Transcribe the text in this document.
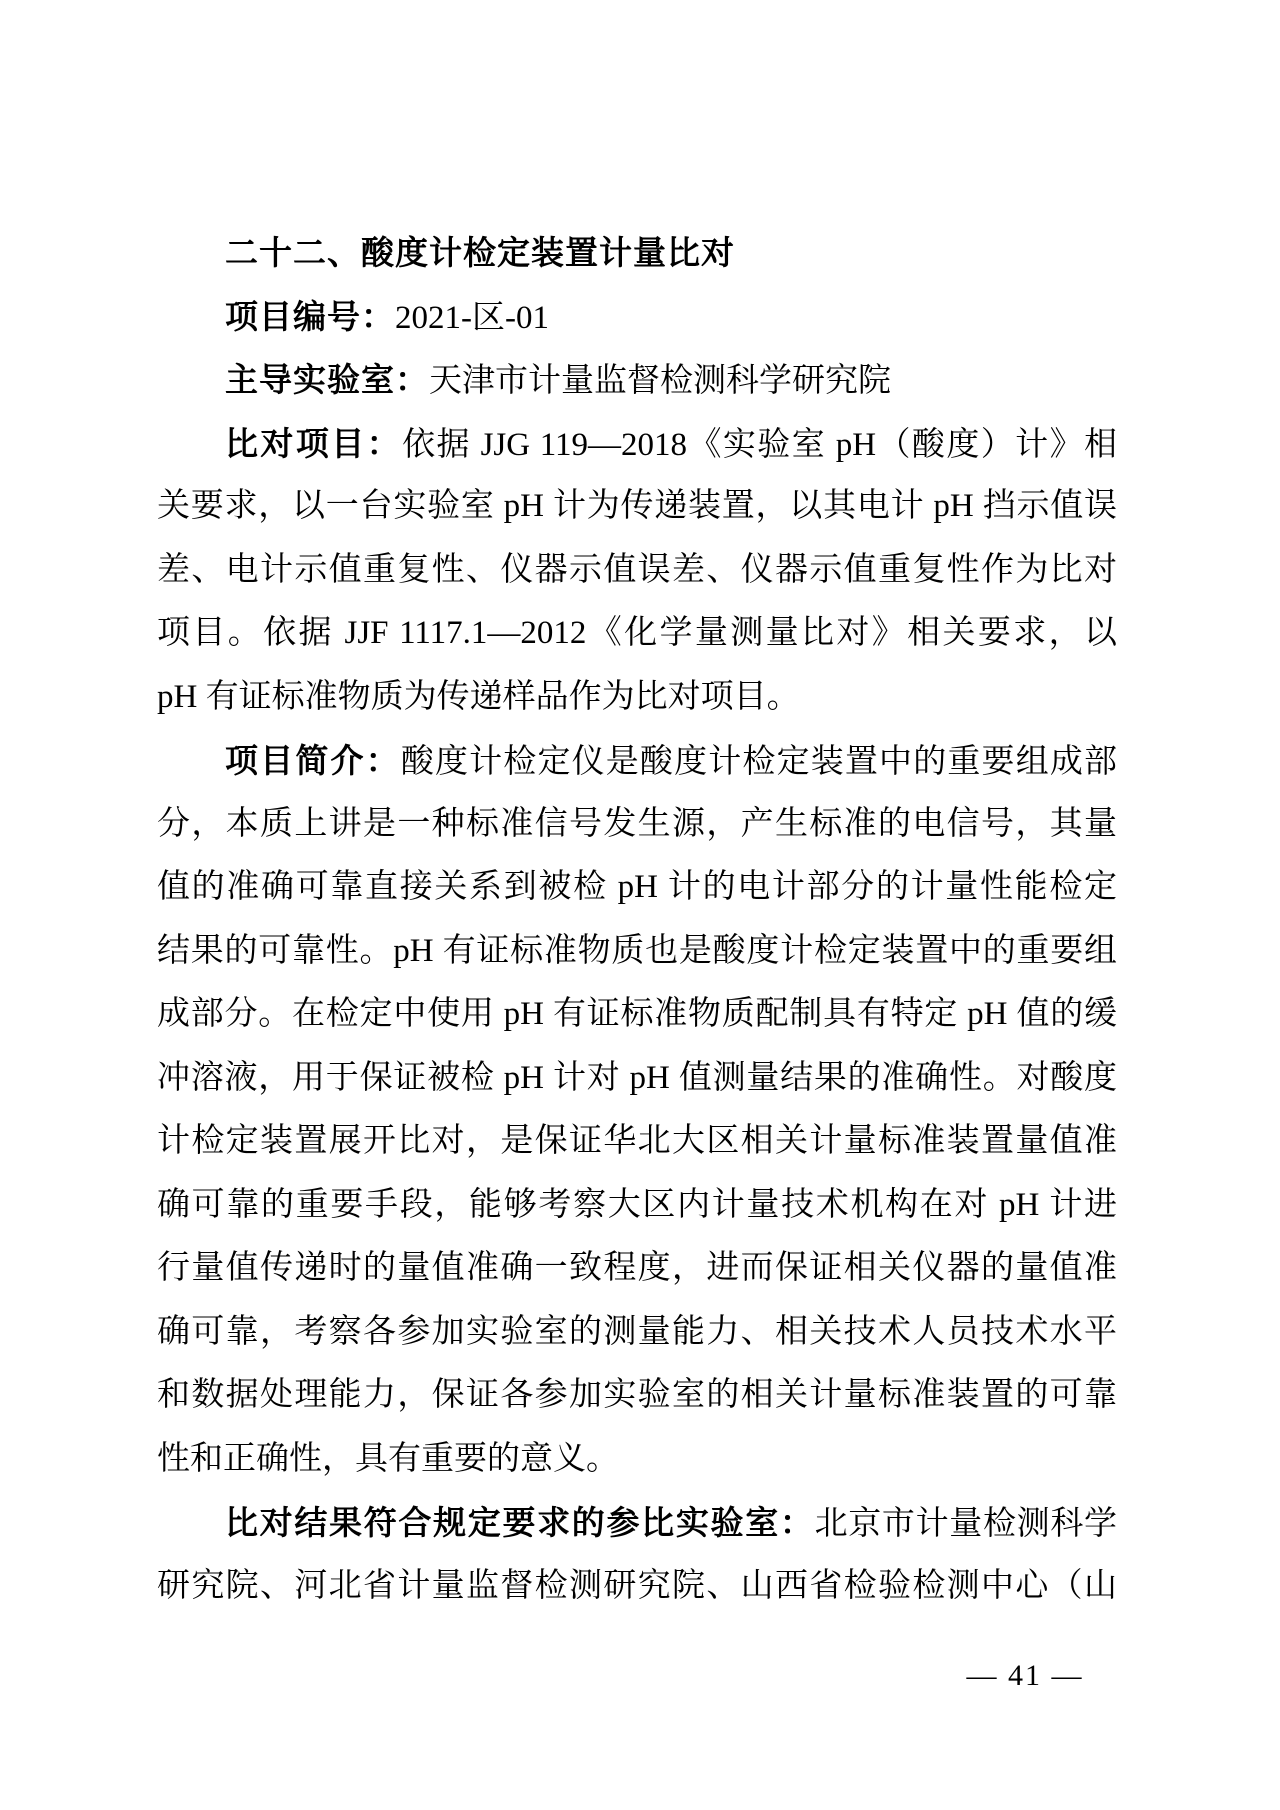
二十二、酸度计检定装置计量比对
项目编号：2021-区-01
主导实验室：天津市计量监督检测科学研究院
比对项目：依据 JJG 119—2018《实验室 pH（酸度）计》相
关要求，以一台实验室 pH 计为传递装置，以其电计 pH 挡示值误
差、电计示值重复性、仪器示值误差、仪器示值重复性作为比对
项目。依据 JJF 1117.1—2012《化学量测量比对》相关要求，以
pH 有证标准物质为传递样品作为比对项目。
项目简介：酸度计检定仪是酸度计检定装置中的重要组成部
分，本质上讲是一种标准信号发生源，产生标准的电信号，其量
值的准确可靠直接关系到被检 pH 计的电计部分的计量性能检定
结果的可靠性。pH 有证标准物质也是酸度计检定装置中的重要组
成部分。在检定中使用 pH 有证标准物质配制具有特定 pH 值的缓
冲溶液，用于保证被检 pH 计对 pH 值测量结果的准确性。对酸度
计检定装置展开比对，是保证华北大区相关计量标准装置量值准
确可靠的重要手段，能够考察大区内计量技术机构在对 pH 计进
行量值传递时的量值准确一致程度，进而保证相关仪器的量值准
确可靠，考察各参加实验室的测量能力、相关技术人员技术水平
和数据处理能力，保证各参加实验室的相关计量标准装置的可靠
性和正确性，具有重要的意义。
比对结果符合规定要求的参比实验室：北京市计量检测科学
研究院、河北省计量监督检测研究院、山西省检验检测中心（山
— 41 —
